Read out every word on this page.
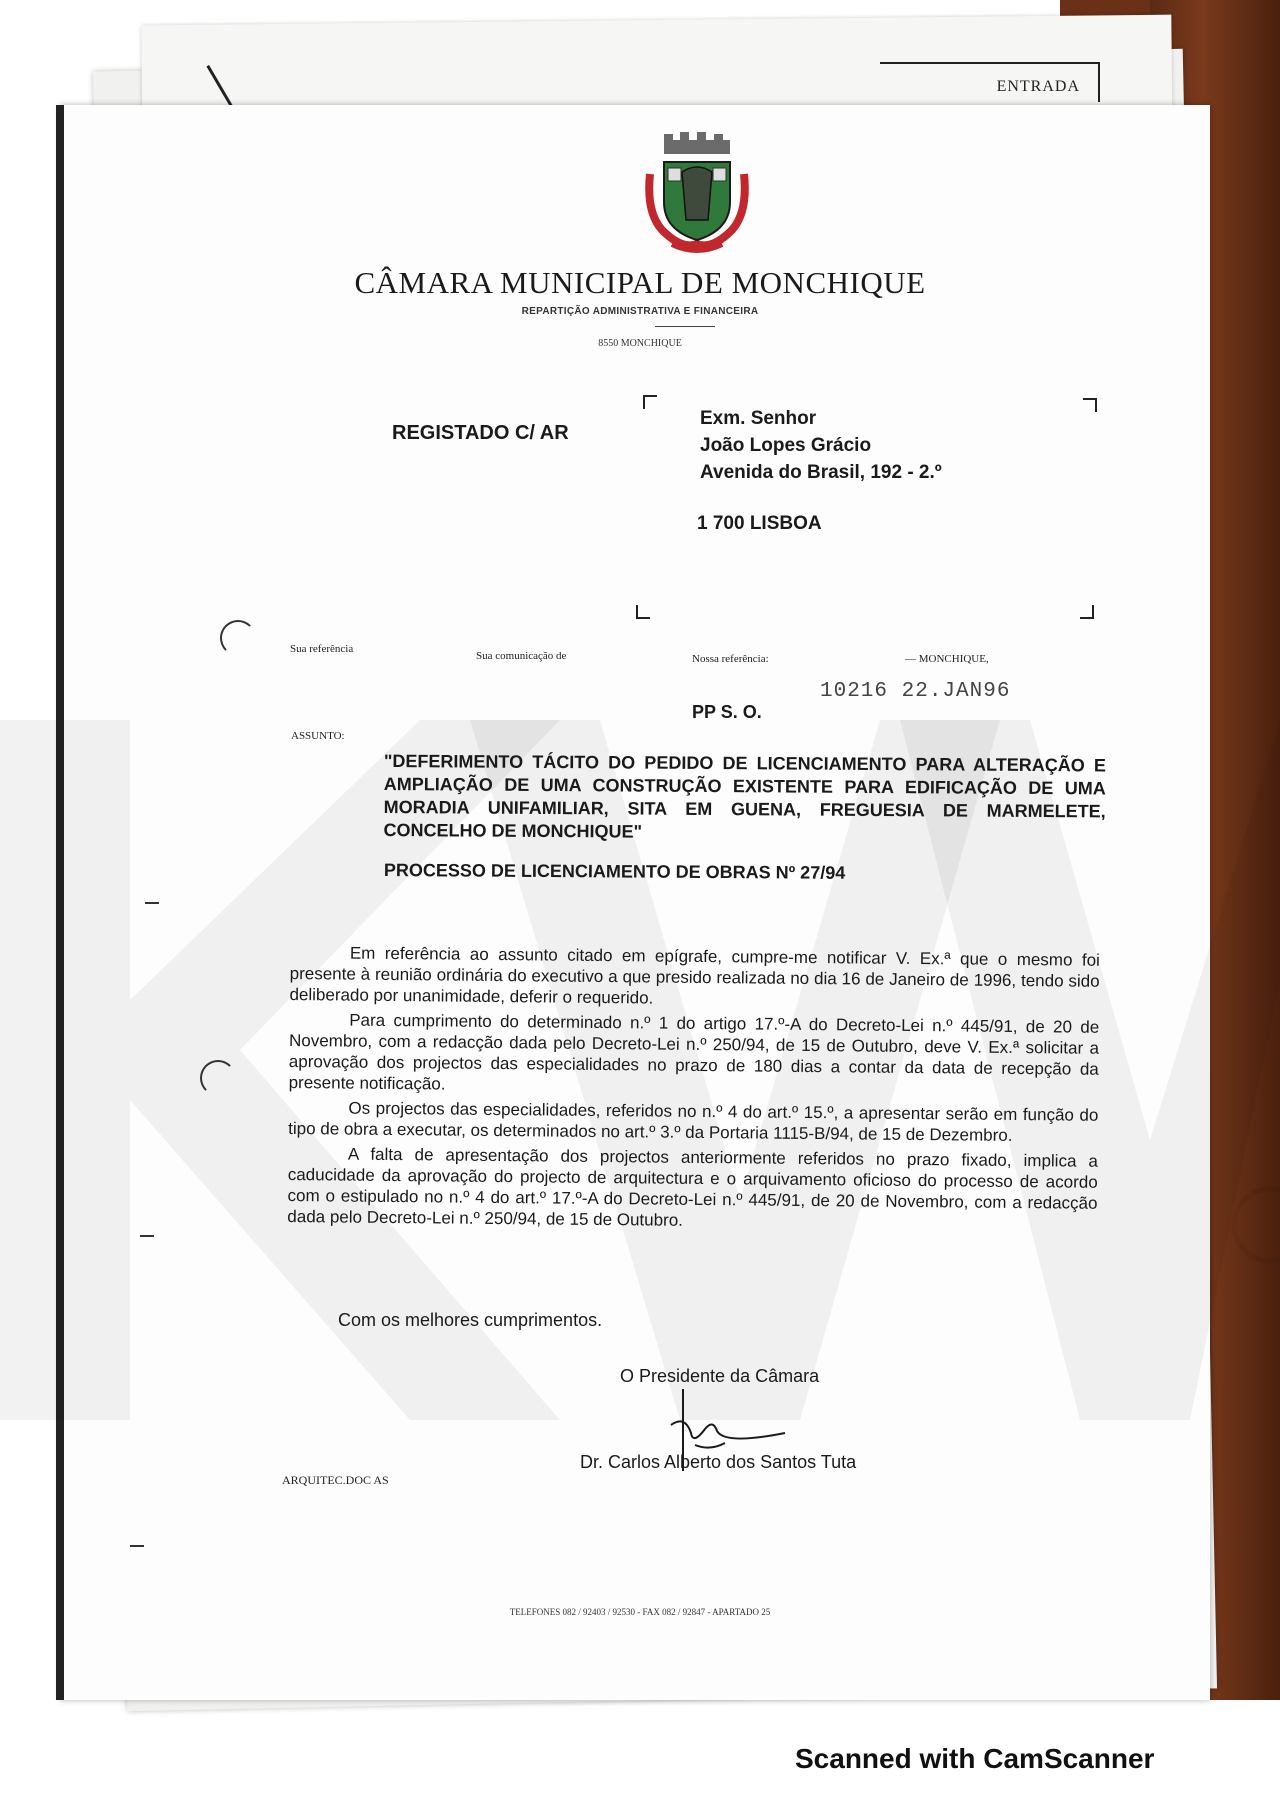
ENTRADA
CÂMARA MUNICIPAL DE MONCHIQUE
REPARTIÇÃO ADMINISTRATIVA E FINANCEIRA
8550 MONCHIQUE
REGISTADO C/ AR
Exm. Senhor
João Lopes Grácio
Avenida do Brasil, 192 - 2.º
1 700 LISBOA
Sua referência
Sua comunicação de	Nossa referência:	— MONCHIQUE,
10216 22.JAN96
PP S. O.
ASSUNTO:
"DEFERIMENTO TÁCITO DO PEDIDO DE LICENCIAMENTO PARA ALTERAÇÃO E AMPLIAÇÃO DE UMA CONSTRUÇÃO EXISTENTE PARA EDIFICAÇÃO DE UMA MORADIA UNIFAMILIAR, SITA EM GUENA, FREGUESIA DE MARMELETE, CONCELHO DE MONCHIQUE"
PROCESSO DE LICENCIAMENTO DE OBRAS Nº 27/94

Em referência ao assunto citado em epígrafe, cumpre-me notificar V. Ex.ª que o mesmo foi presente à reunião ordinária do executivo a que presido realizada no dia 16 de Janeiro de 1996, tendo sido deliberado por unanimidade, deferir o requerido.

Para cumprimento do determinado n.º 1 do artigo 17.º-A do Decreto-Lei n.º 445/91, de 20 de Novembro, com a redacção dada pelo Decreto-Lei n.º 250/94, de 15 de Outubro, deve V. Ex.ª solicitar a aprovação dos projectos das especialidades no prazo de 180 dias a contar da data de recepção da presente notificação.

Os projectos das especialidades, referidos no n.º 4 do art.º 15.º, a apresentar serão em função do tipo de obra a executar, os determinados no art.º 3.º da Portaria 1115-B/94, de 15 de Dezembro.

A falta de apresentação dos projectos anteriormente referidos no prazo fixado, implica a caducidade da aprovação do projecto de arquitectura e o arquivamento oficioso do processo de acordo com o estipulado no n.º 4 do art.º 17.º-A do Decreto-Lei n.º 445/91, de 20 de Novembro, com a redacção dada pelo Decreto-Lei n.º 250/94, de 15 de Outubro.

Com os melhores cumprimentos.
O Presidente da Câmara
Dr. Carlos Alberto dos Santos Tuta
ARQUITEC.DOC AS
TELEFONES 082 / 92403 / 92530 - FAX 082 / 92847 - APARTADO 25
Scanned with CamScanner
